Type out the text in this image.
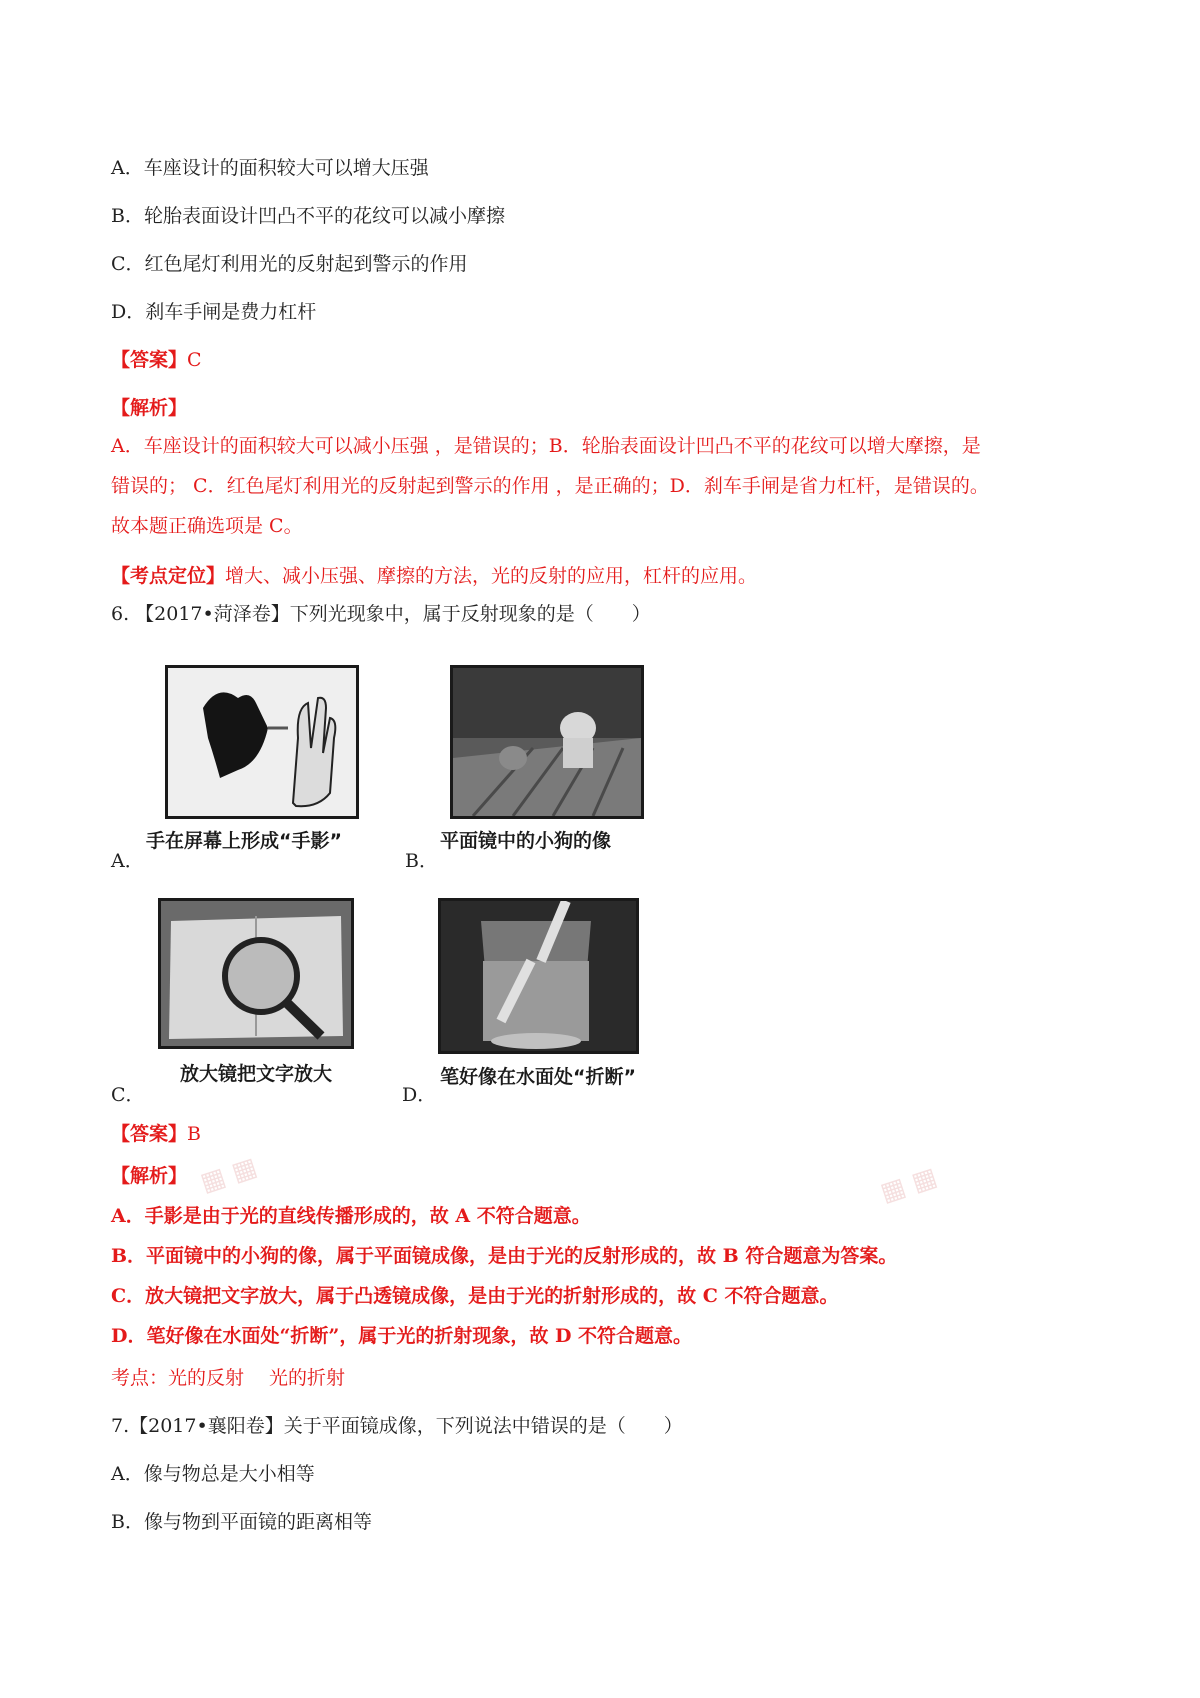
A．车座设计的面积较大可以增大压强
B．轮胎表面设计凹凸不平的花纹可以减小摩擦
C．红色尾灯利用光的反射起到警示的作用
D．刹车手闸是费力杠杆
【答案】C
【解析】
A．车座设计的面积较大可以减小压强 ，是错误的；B．轮胎表面设计凹凸不平的花纹可以增大摩擦，是
错误的； C．红色尾灯利用光的反射起到警示的作用 ，是正确的；D．刹车手闸是省力杠杆，是错误的。
故本题正确选项是 C。
【考点定位】增大、减小压强、摩擦的方法，光的反射的应用，杠杆的应用。
6. 【2017•菏泽卷】下列光现象中，属于反射现象的是（　　）
A．
手在屏幕上形成“手影”
B．
平面镜中的小狗的像
C．
放大镜把文字放大
D．
笔好像在水面处“折断”
【答案】B
【解析】
A．手影是由于光的直线传播形成的，故 A 不符合题意。
B．平面镜中的小狗的像，属于平面镜成像，是由于光的反射形成的，故 B 符合题意为答案。
C．放大镜把文字放大，属于凸透镜成像，是由于光的折射形成的，故 C 不符合题意。
D．笔好像在水面处“折断”，属于光的折射现象，故 D 不符合题意。
考点：光的反射　 光的折射
7.【2017•襄阳卷】关于平面镜成像，下列说法中错误的是（　　）
A．像与物总是大小相等
B．像与物到平面镜的距离相等
▦ ▦	▦ ▦
